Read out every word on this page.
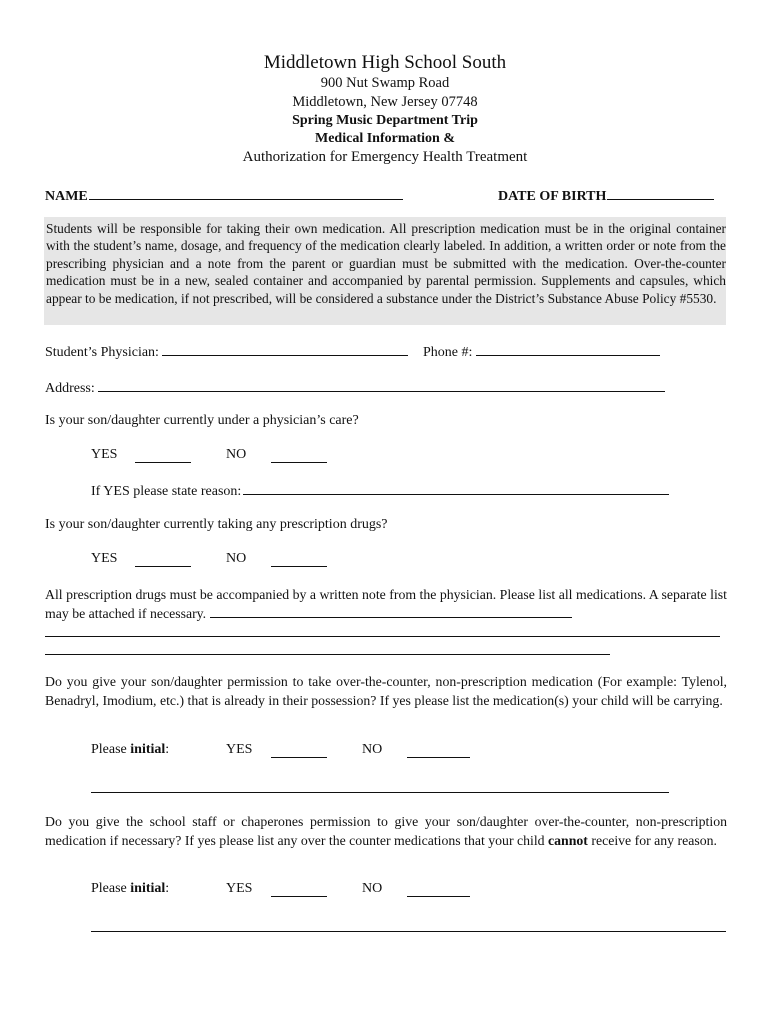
Middletown High School South
900 Nut Swamp Road
Middletown, New Jersey 07748
Spring Music Department Trip
Medical Information &
Authorization for Emergency Health Treatment
NAME	DATE OF BIRTH
Students will be responsible for taking their own medication. All prescription medication must be in the original container with the student’s name, dosage, and frequency of the medication clearly labeled. In addition, a written order or note from the prescribing physician and a note from the parent or guardian must be submitted with the medication. Over-the-counter medication must be in a new, sealed container and accompanied by parental permission. Supplements and capsules, which appear to be medication, if not prescribed, will be considered a substance under the District’s Substance Abuse Policy #5530.
Student’s Physician:	Phone #:
Address:
Is your son/daughter currently under a physician’s care?
YES	NO
If YES please state reason:
Is your son/daughter currently taking any prescription drugs?
YES	NO
All prescription drugs must be accompanied by a written note from the physician. Please list all medications. A separate list may be attached if necessary.
Do you give your son/daughter permission to take over-the-counter, non-prescription medication (For example: Tylenol, Benadryl, Imodium, etc.) that is already in their possession? If yes please list the medication(s) your child will be carrying.
Please initial:	YES	NO
Do you give the school staff or chaperones permission to give your son/daughter over-the-counter, non-prescription medication if necessary? If yes please list any over the counter medications that your child cannot receive for any reason.
Please initial:	YES	NO
